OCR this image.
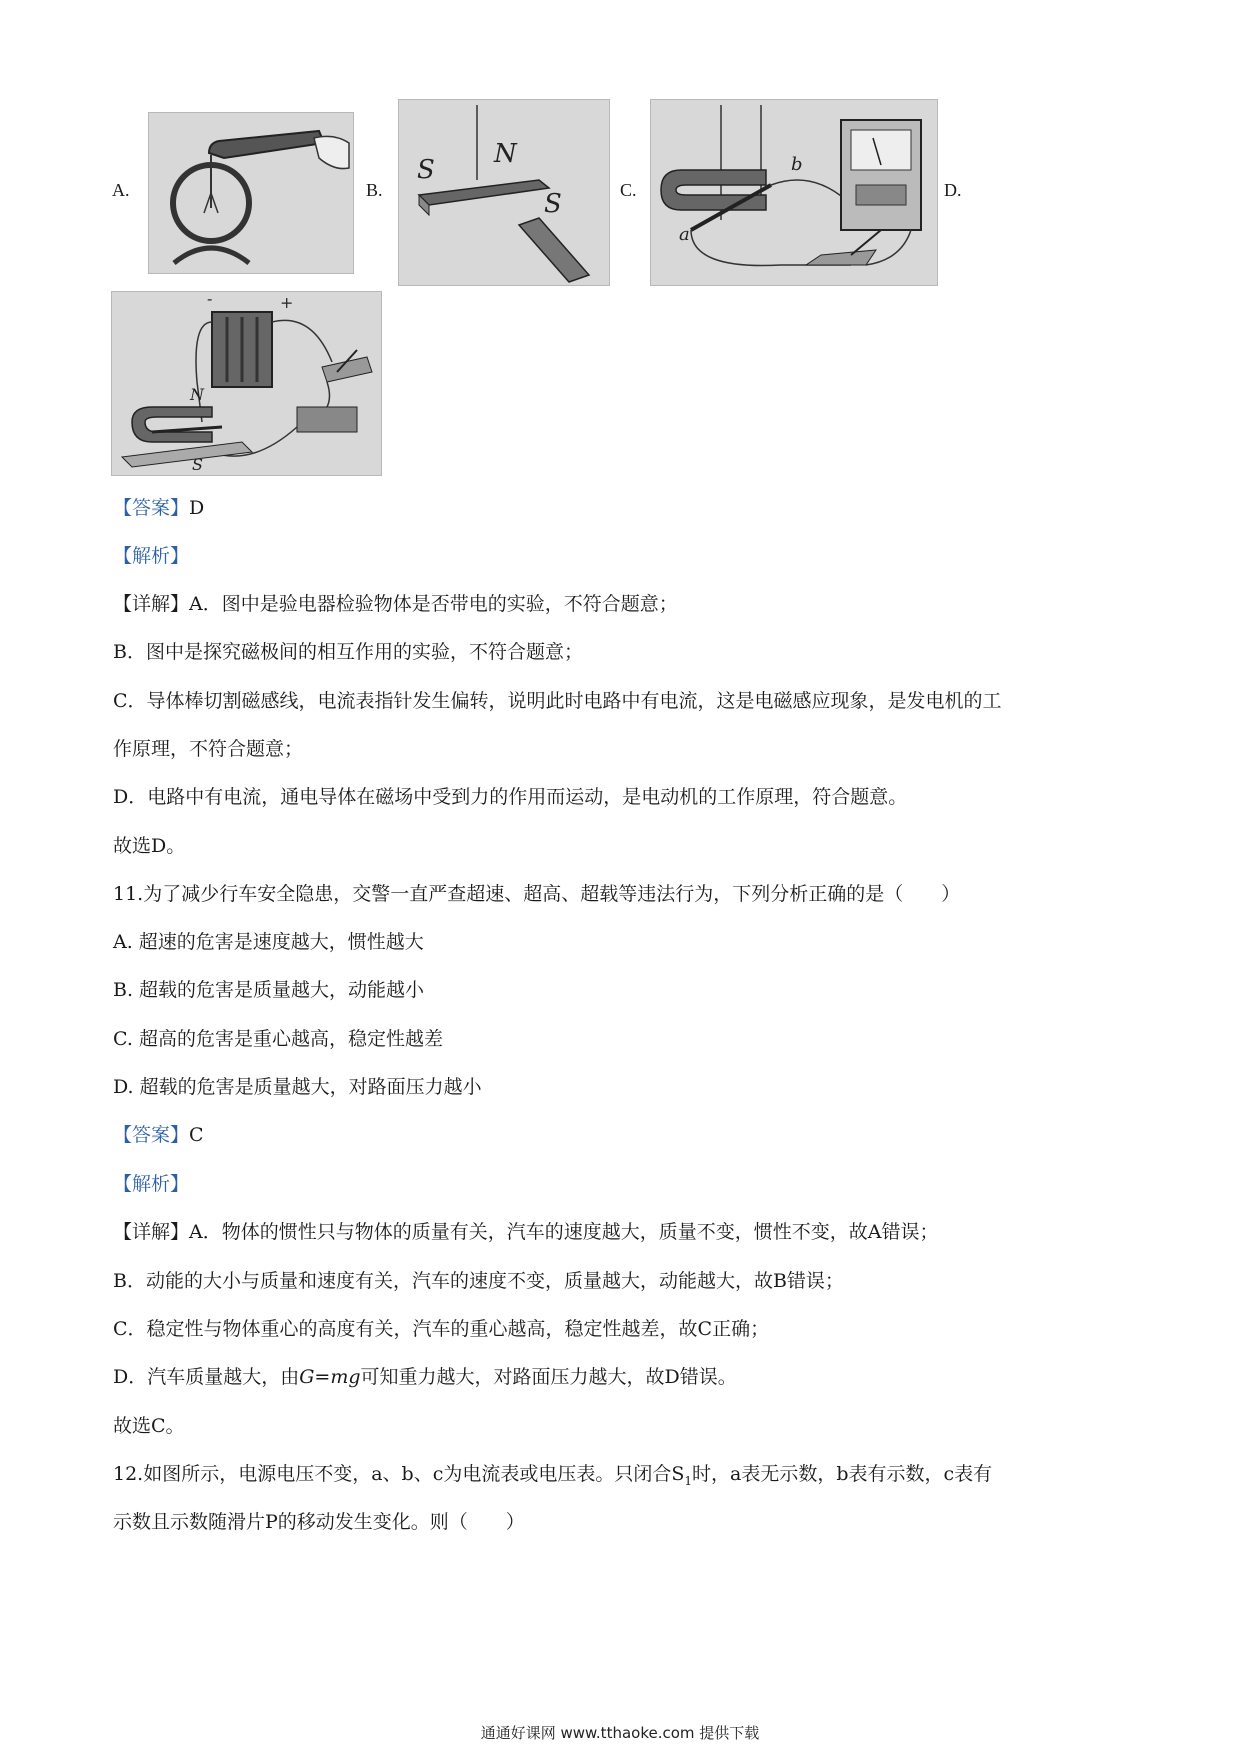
A.	B.	C.	D.
S
N
S
b
a
-	+
N
S
【答案】D
【解析】
【详解】A．图中是验电器检验物体是否带电的实验，不符合题意；
B．图中是探究磁极间的相互作用的实验，不符合题意；
C．导体棒切割磁感线，电流表指针发生偏转，说明此时电路中有电流，这是电磁感应现象，是发电机的工
作原理，不符合题意；
D．电路中有电流，通电导体在磁场中受到力的作用而运动，是电动机的工作原理，符合题意。
故选D。
11.为了减少行车安全隐患，交警一直严查超速、超高、超载等违法行为，下列分析正确的是（　　）
A. 超速的危害是速度越大，惯性越大
B. 超载的危害是质量越大，动能越小
C. 超高的危害是重心越高，稳定性越差
D. 超载的危害是质量越大，对路面压力越小
【答案】C
【解析】
【详解】A．物体的惯性只与物体的质量有关，汽车的速度越大，质量不变，惯性不变，故A错误；
B．动能的大小与质量和速度有关，汽车的速度不变，质量越大，动能越大，故B错误；
C．稳定性与物体重心的高度有关，汽车的重心越高，稳定性越差，故C正确；
D．汽车质量越大，由G=mg可知重力越大，对路面压力越大，故D错误。
故选C。
12.如图所示，电源电压不变，a、b、c为电流表或电压表。只闭合$S_1$时，a表无示数，b表有示数，c表有
示数且示数随滑片P的移动发生变化。则（　　）
通通好课网 www.tthaoke.com 提供下载
